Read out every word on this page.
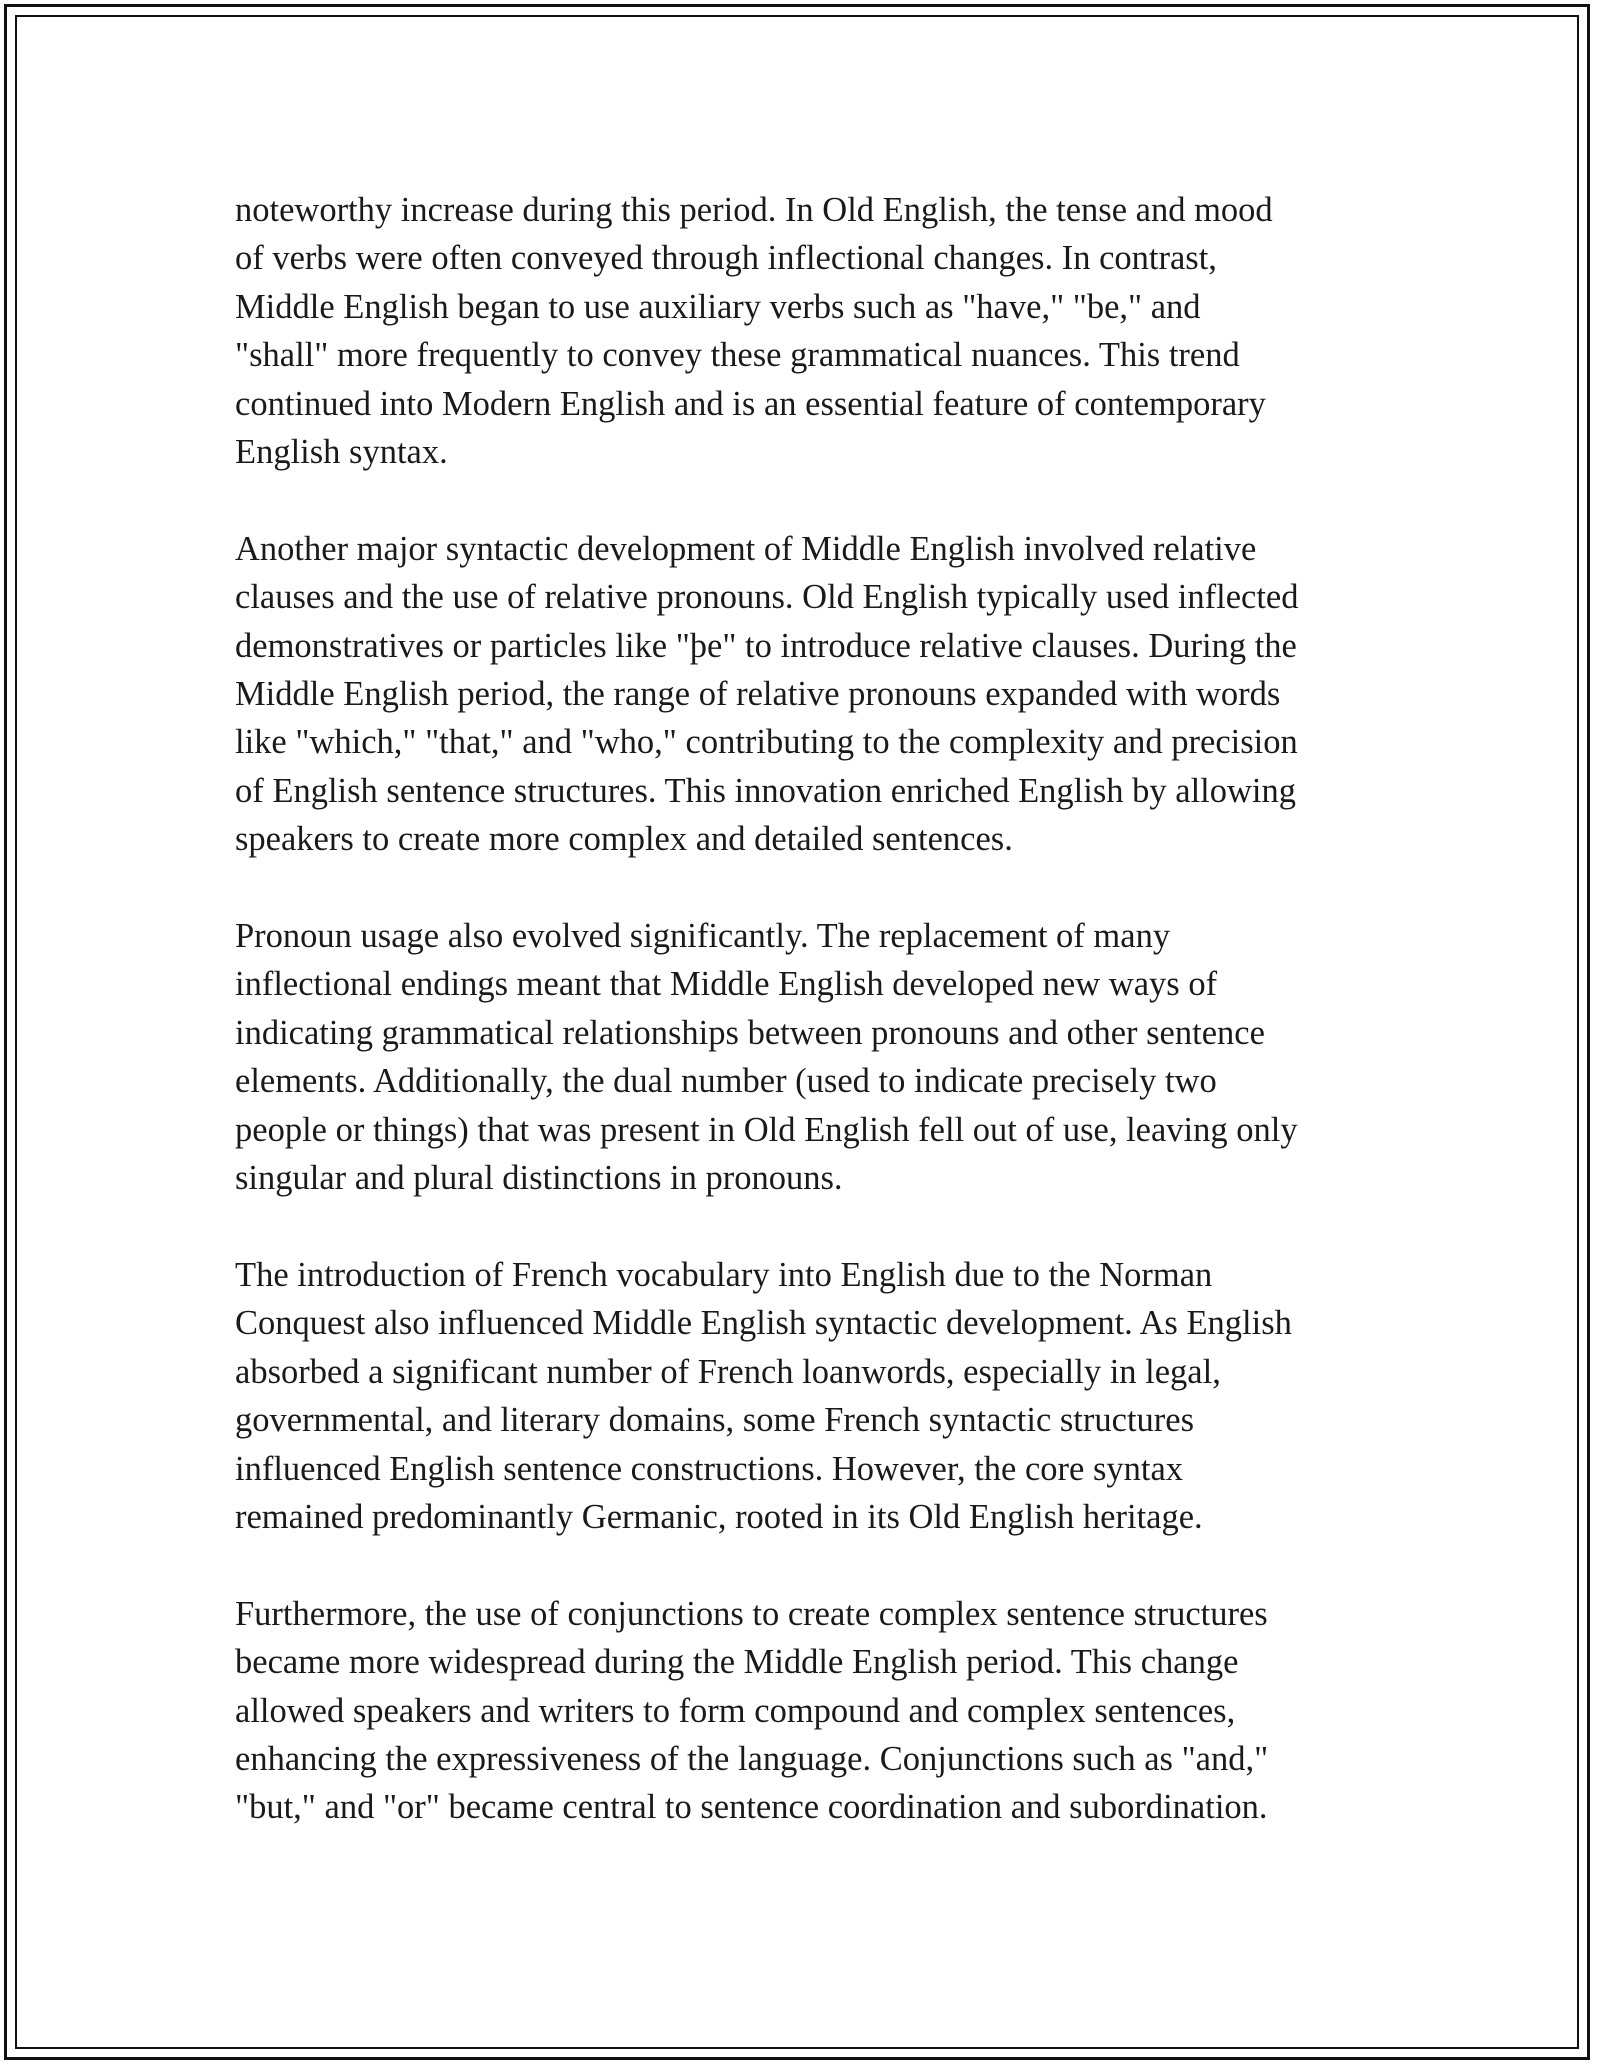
noteworthy increase during this period. In Old English, the tense and mood
of verbs were often conveyed through inflectional changes. In contrast,
Middle English began to use auxiliary verbs such as "have," "be," and
"shall" more frequently to convey these grammatical nuances. This trend
continued into Modern English and is an essential feature of contemporary
English syntax.

Another major syntactic development of Middle English involved relative
clauses and the use of relative pronouns. Old English typically used inflected
demonstratives or particles like "þe" to introduce relative clauses. During the
Middle English period, the range of relative pronouns expanded with words
like "which," "that," and "who," contributing to the complexity and precision
of English sentence structures. This innovation enriched English by allowing
speakers to create more complex and detailed sentences.

Pronoun usage also evolved significantly. The replacement of many
inflectional endings meant that Middle English developed new ways of
indicating grammatical relationships between pronouns and other sentence
elements. Additionally, the dual number (used to indicate precisely two
people or things) that was present in Old English fell out of use, leaving only
singular and plural distinctions in pronouns.

The introduction of French vocabulary into English due to the Norman
Conquest also influenced Middle English syntactic development. As English
absorbed a significant number of French loanwords, especially in legal,
governmental, and literary domains, some French syntactic structures
influenced English sentence constructions. However, the core syntax
remained predominantly Germanic, rooted in its Old English heritage.

Furthermore, the use of conjunctions to create complex sentence structures
became more widespread during the Middle English period. This change
allowed speakers and writers to form compound and complex sentences,
enhancing the expressiveness of the language. Conjunctions such as "and,"
"but," and "or" became central to sentence coordination and subordination.
